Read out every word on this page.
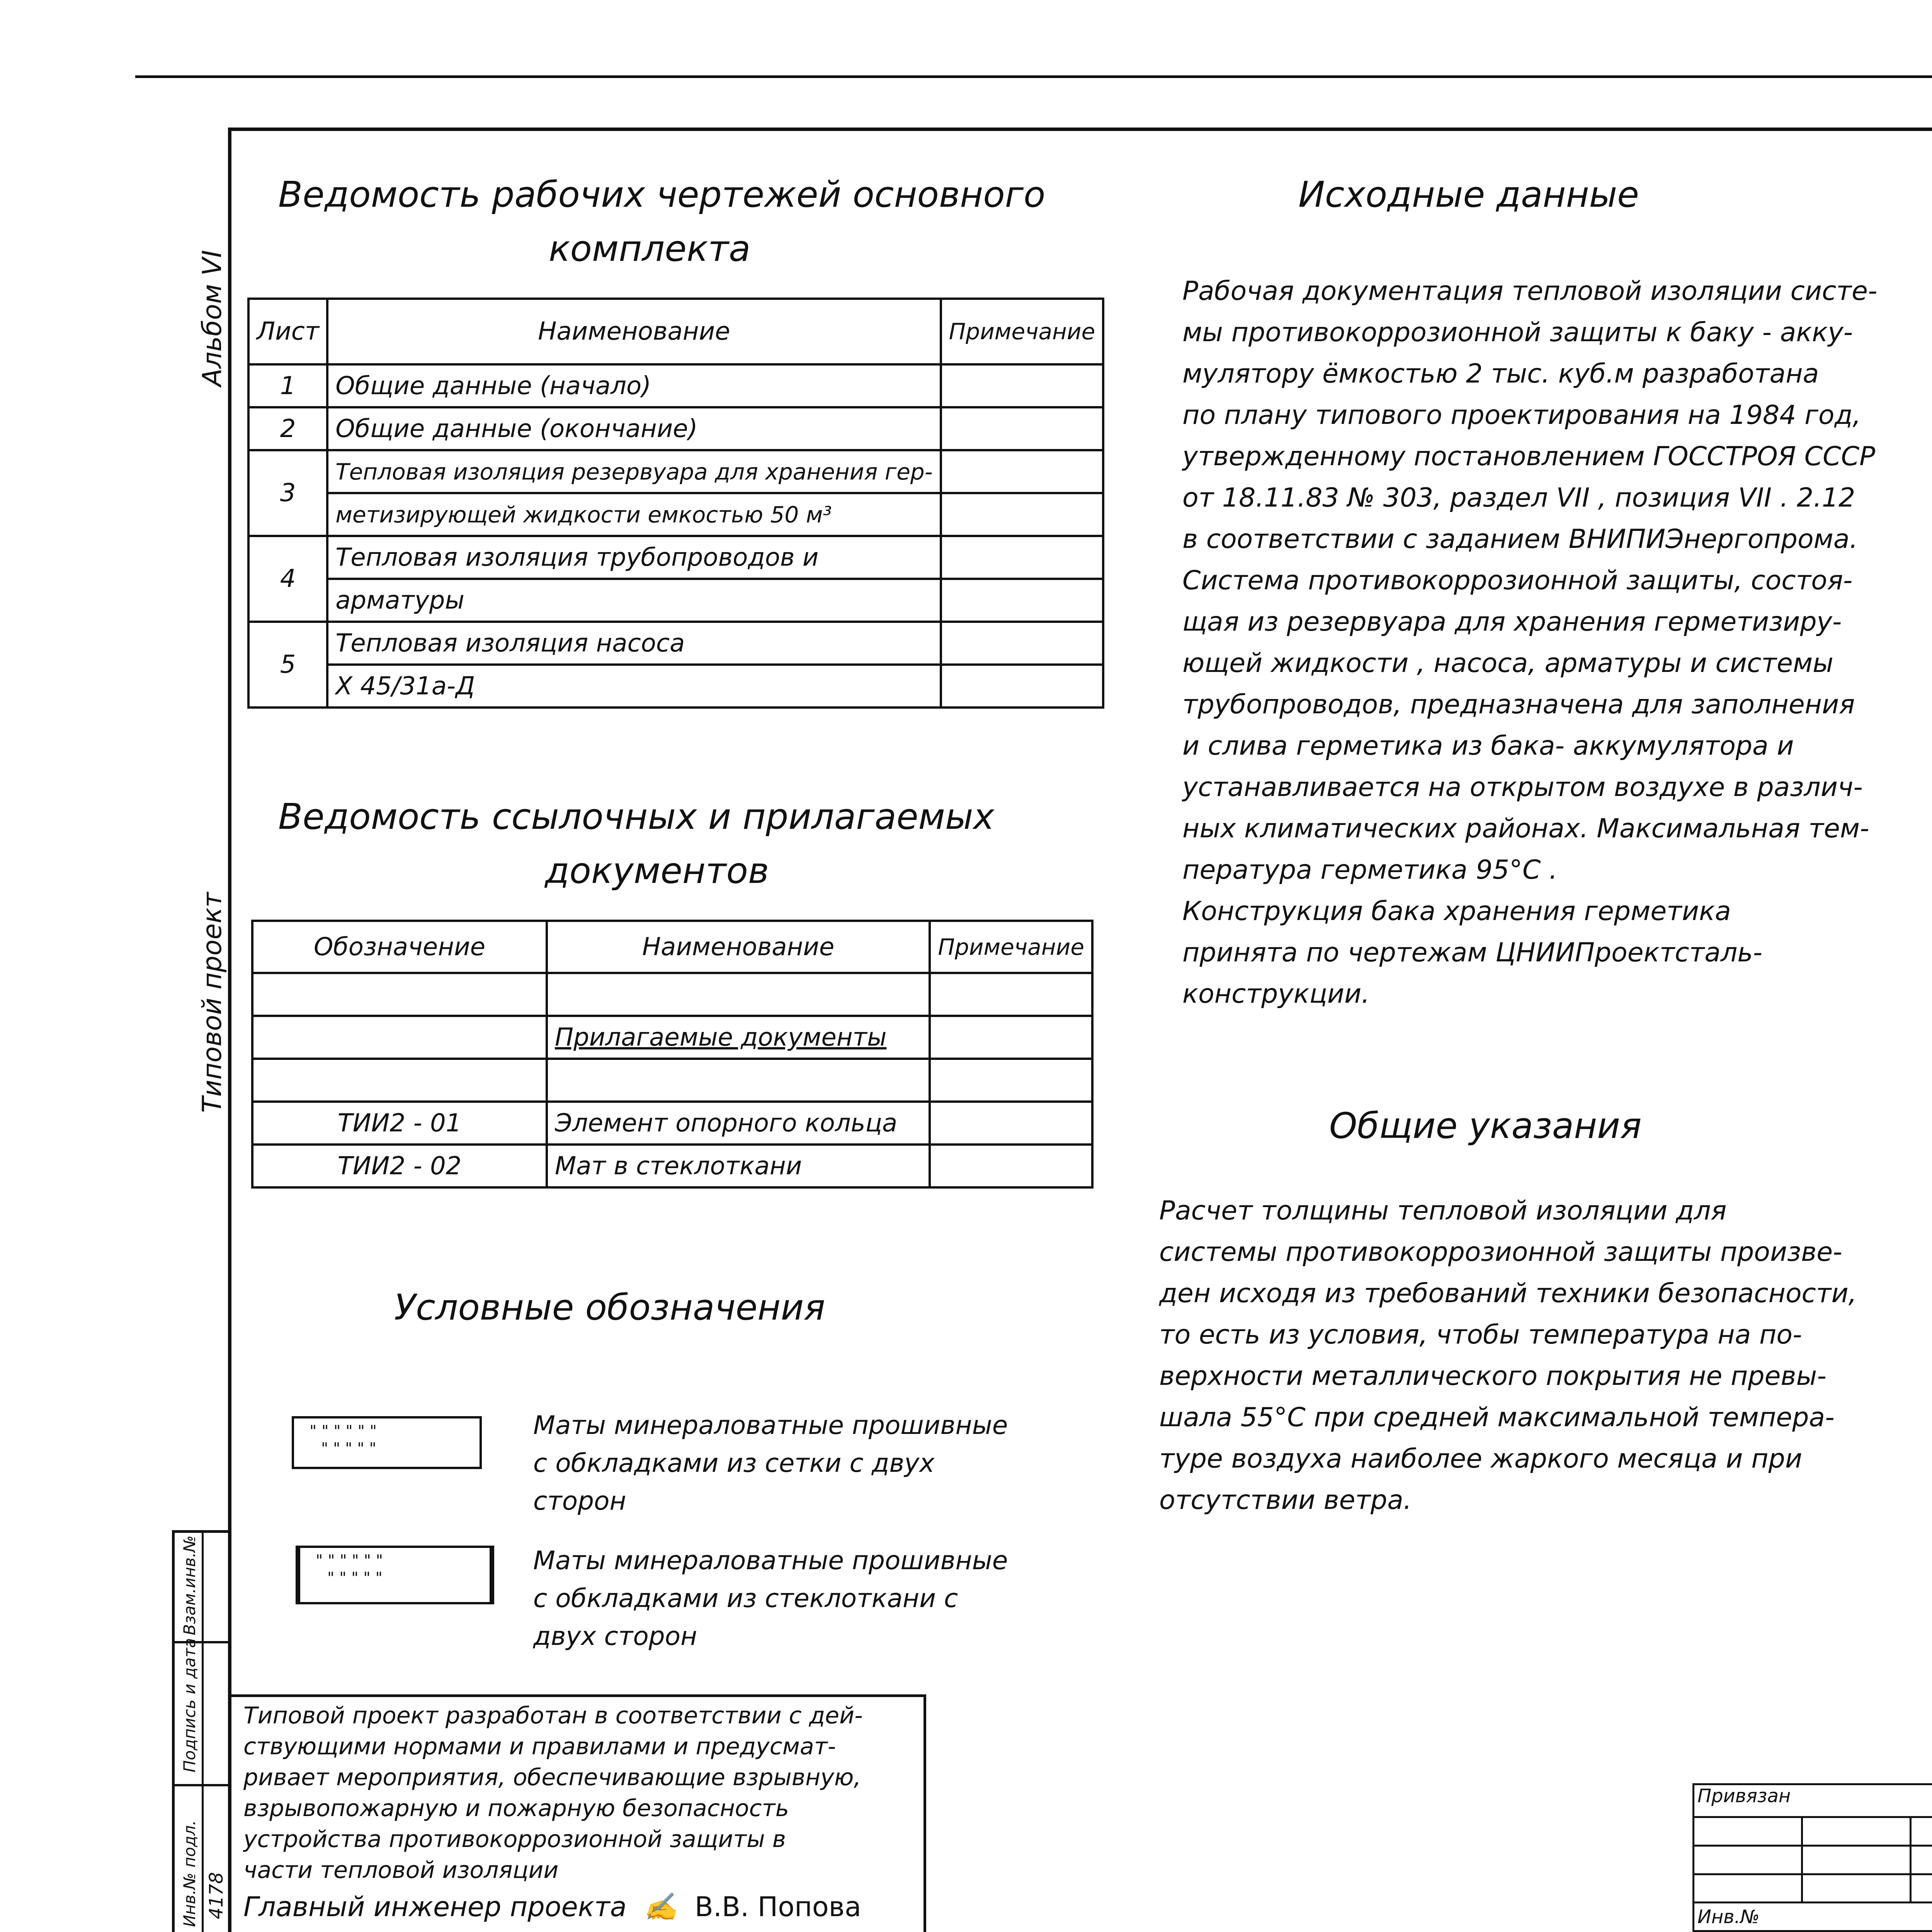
Альбом VI
Типовой проект
Взам.инв.№
Подпись и дата
Инв.№ подл. 4178
Ведомость рабочих чертежей основного
комплекта
Лист	Наименование	Примечание
1	Общие данные (начало)	
2	Общие данные (окончание)	
3	Тепловая изоляция резервуара для хранения гер-	
	метизирующей жидкости емкостью 50 м³	
4	Тепловая изоляция трубопроводов и	
	арматуры	
5	Тепловая изоляция насоса	
	Х 45/31а-Д	
Ведомость ссылочных и прилагаемых
документов
Обозначение	Наименование	Примечание

	Прилагаемые документы	

ТИИ2 - 01	Элемент опорного кольца	
ТИИ2 - 02	Мат в стеклоткани	
Условные обозначения
" " " " " "
" " " " "

Маты минераловатные прошивные

с обкладками из сетки с двух

сторон

" " " " " "
" " " " "

Маты минераловатные прошивные

с обкладками из стеклоткани с

двух сторон

Исходные данные

Рабочая документация тепловой изоляции систе-

мы противокоррозионной защиты к баку - акку-

мулятору ёмкостью 2 тыс. куб.м разработана

по плану типового проектирования на 1984 год,

утвержденному постановлением ГОССТРОЯ СССР

от 18.11.83 № 303, раздел VII , позиция VII . 2.12

в соответствии с заданием ВНИПИЭнергопрома.

Система противокоррозионной защиты, состоя-

щая из резервуара для хранения герметизиру-

ющей жидкости , насоса, арматуры и системы

трубопроводов, предназначена для заполнения

и слива герметика из бака- аккумулятора и

устанавливается на открытом воздухе в различ-

ных климатических районах. Максимальная тем-

пература герметика 95°С .

Конструкция бака хранения герметика

принята по чертежам ЦНИИПроектсталь-

конструкции.

Общие указания

Расчет толщины тепловой изоляции для

системы противокоррозионной защиты произве-

ден исходя из требований техники безопасности,

то есть из условия, чтобы температура на по-

верхности металлического покрытия не превы-

шала 55°С при средней максимальной темпера-

туре воздуха наиболее жаркого месяца и при

отсутствии ветра.

Типовой проект разработан в соответствии с дей-

ствующими нормами и правилами и предусмат-

ривает мероприятия, обеспечивающие взрывную,

взрывопожарную и пожарную безопасность

устройства противокоррозионной защиты в

части тепловой изоляции

Главный инженер проекта  ✍  В.В. Попова

Привязан		

Инв.№		
